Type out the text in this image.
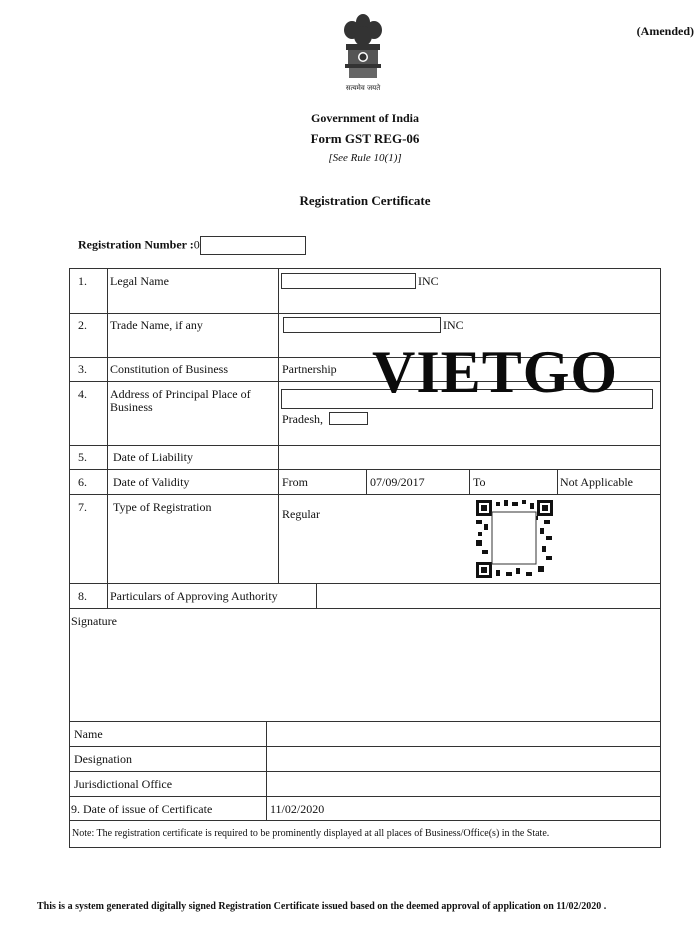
सत्यमेव जयते
(Amended)
Government of India
Form GST REG-06
[See Rule 10(1)]
Registration Certificate
Registration Number :0
1. Legal Name	INC
2. Trade Name, if any	INC
3. Constitution of Business	Partnership
4. Address of Principal Place of Business
Pradesh,
5. Date of Liability
6. Date of Validity	From	07/09/2017	To	Not Applicable
7. Type of Registration	Regular
8. Particulars of Approving Authority
Signature
Name
Designation
Jurisdictional Office
9. Date of issue of Certificate	11/02/2020
Note: The registration certificate is required to be prominently displayed at all places of Business/Office(s) in the State.
VIETGO
This is a system generated digitally signed Registration Certificate issued based on the deemed approval of application on 11/02/2020 .
